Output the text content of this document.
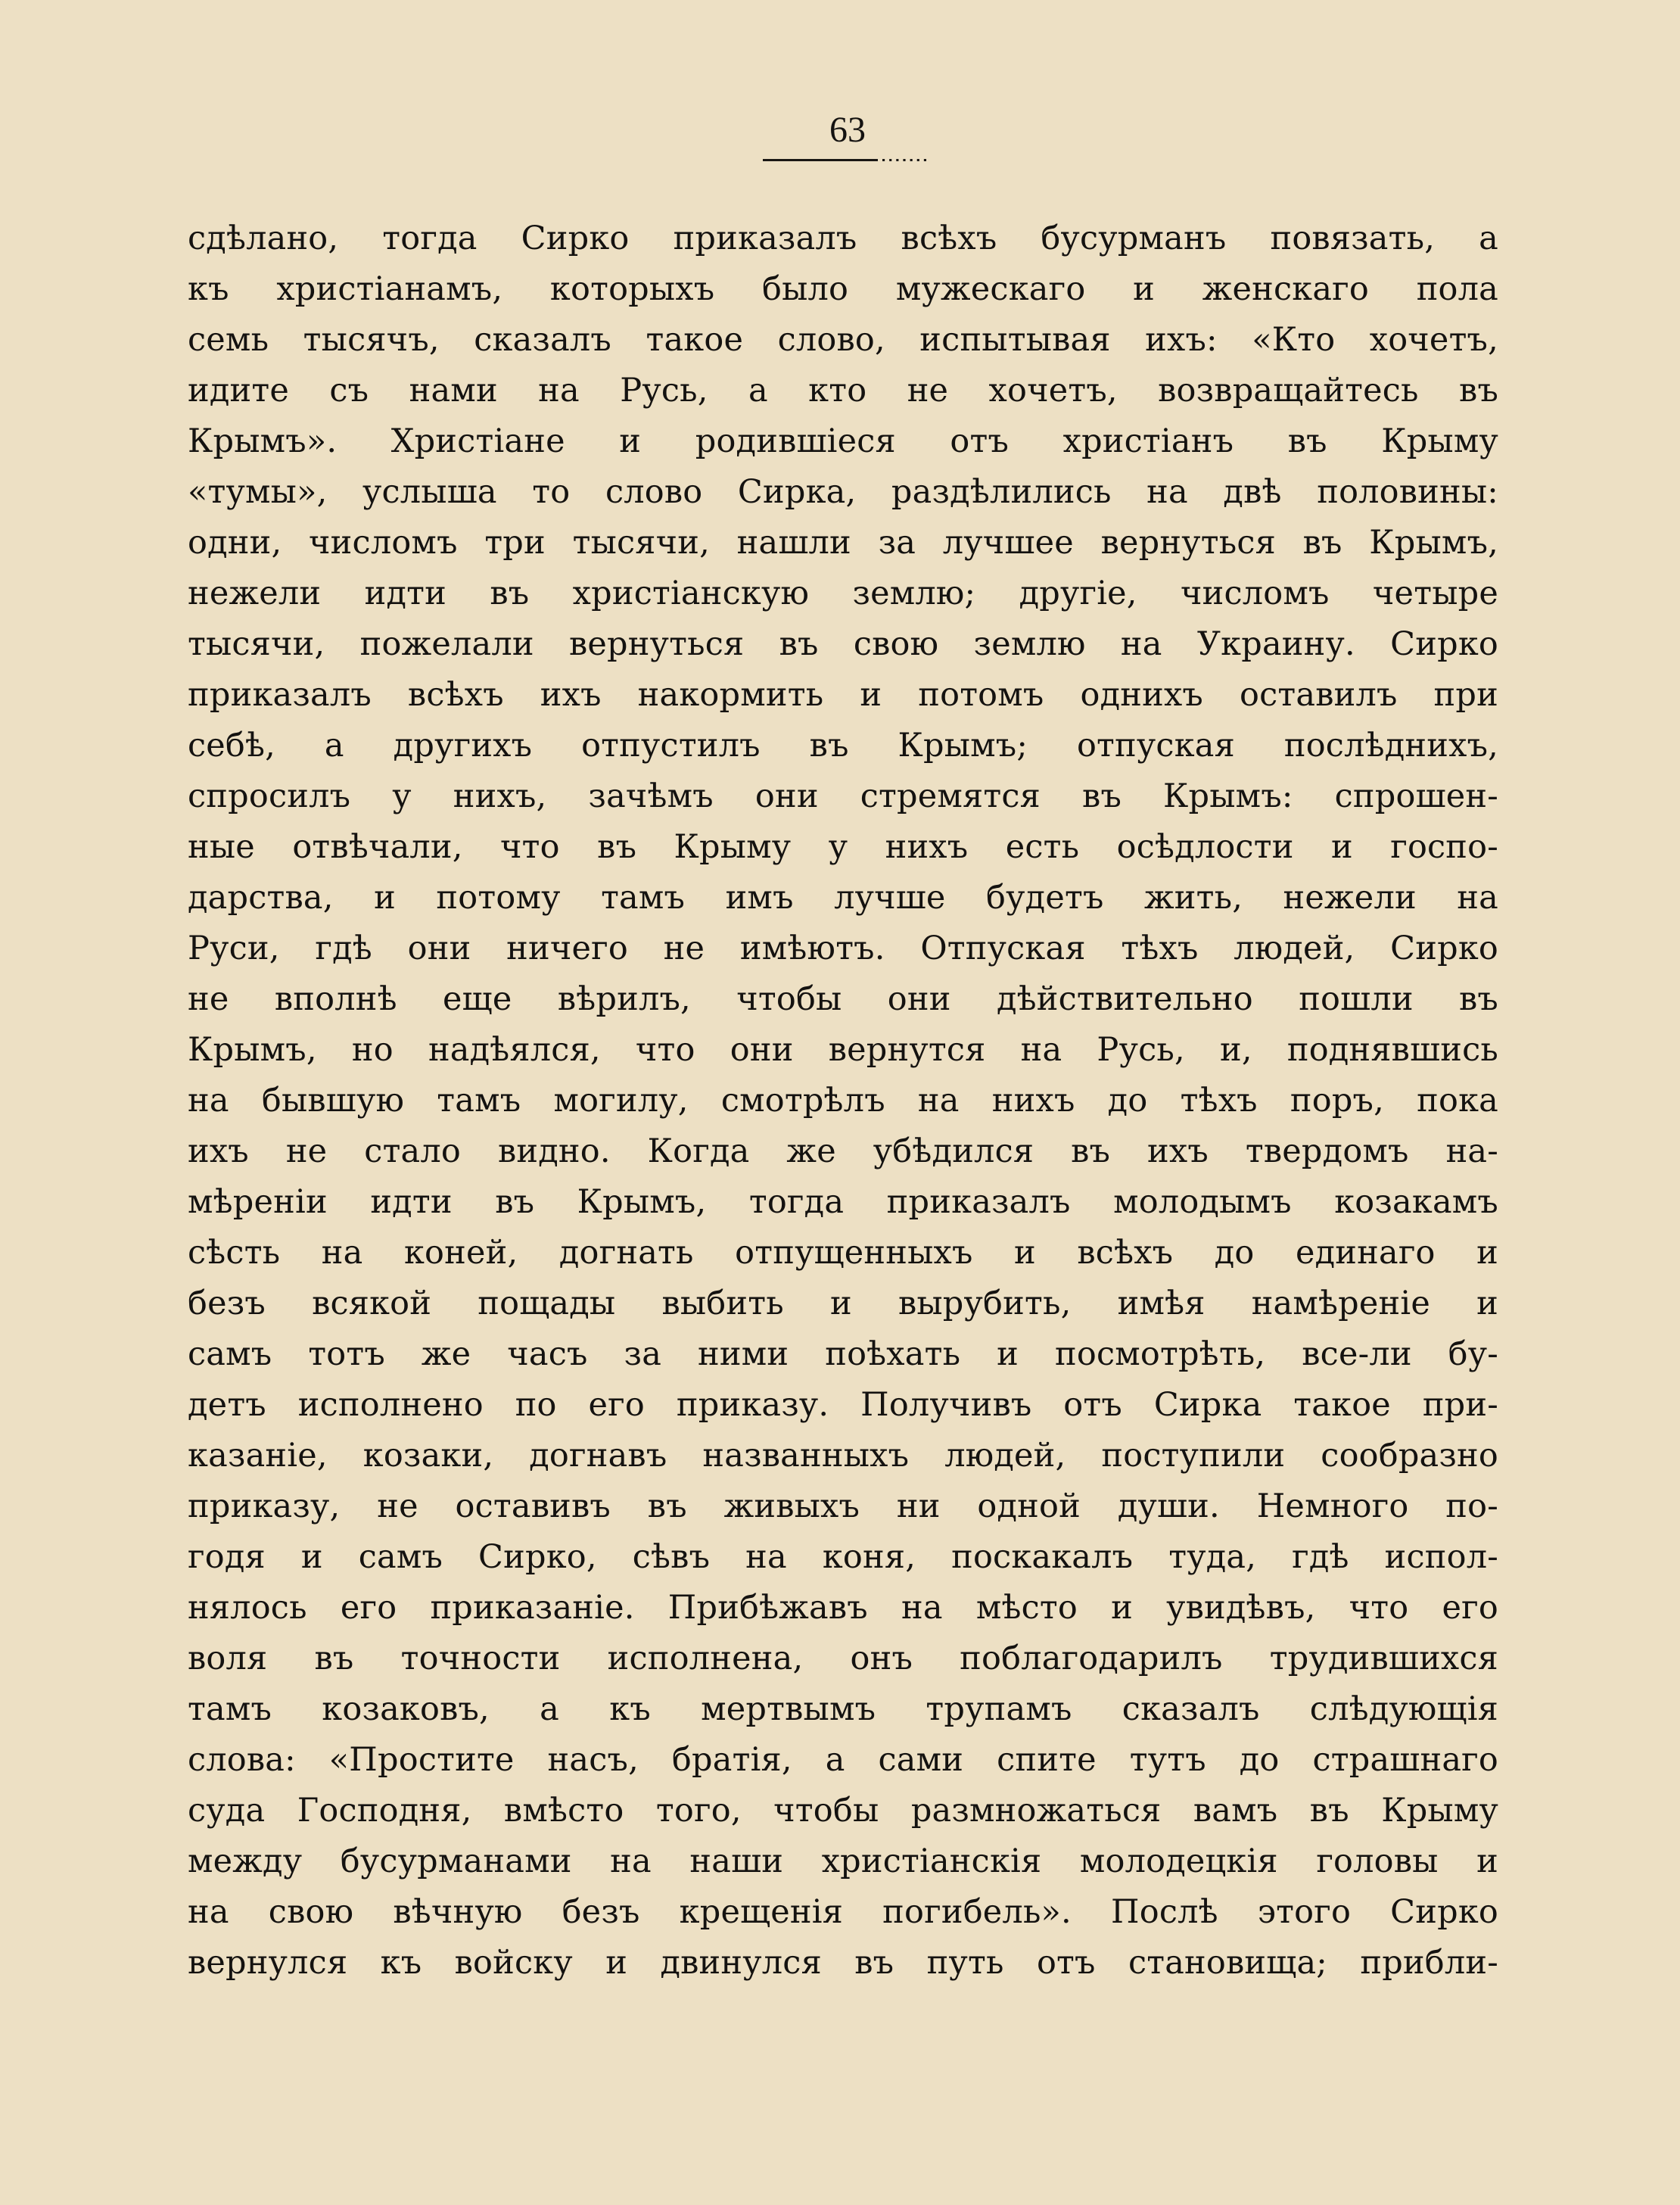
63
сдѣлано, тогда Сирко приказалъ всѣхъ бусурманъ повязать, а
къ христіанамъ, которыхъ было мужескаго и женскаго пола
семь тысячъ, сказалъ такое слово, испытывая ихъ: «Кто хочетъ,
идите съ нами на Русь, а кто не хочетъ, возвращайтесь въ
Крымъ». Христіане и родившіеся отъ христіанъ въ Крыму
«тумы», услыша то слово Сирка, раздѣлились на двѣ половины:
одни, числомъ три тысячи, нашли за лучшее вернуться въ Крымъ,
нежели идти въ христіанскую землю; другіе, числомъ четыре
тысячи, пожелали вернуться въ свою землю на Украину. Сирко
приказалъ всѣхъ ихъ накормить и потомъ однихъ оставилъ при
себѣ, а другихъ отпустилъ въ Крымъ; отпуская послѣднихъ,
спросилъ у нихъ, зачѣмъ они стремятся въ Крымъ: спрошен-
ные отвѣчали, что въ Крыму у нихъ есть осѣдлости и госпо-
дарства, и потому тамъ имъ лучше будетъ жить, нежели на
Руси, гдѣ они ничего не имѣютъ. Отпуская тѣхъ людей, Сирко
не вполнѣ еще вѣрилъ, чтобы они дѣйствительно пошли въ
Крымъ, но надѣялся, что они вернутся на Русь, и, поднявшись
на бывшую тамъ могилу, смотрѣлъ на нихъ до тѣхъ поръ, пока
ихъ не стало видно. Когда же убѣдился въ ихъ твердомъ на-
мѣреніи идти въ Крымъ, тогда приказалъ молодымъ козакамъ
сѣсть на коней, догнать отпущенныхъ и всѣхъ до единаго и
безъ всякой пощады выбить и вырубить, имѣя намѣреніе и
самъ тотъ же часъ за ними поѣхать и посмотрѣть, все-ли бу-
детъ исполнено по его приказу. Получивъ отъ Сирка такое при-
казаніе, козаки, догнавъ названныхъ людей, поступили сообразно
приказу, не оставивъ въ живыхъ ни одной души. Немного по-
годя и самъ Сирко, сѣвъ на коня, поскакалъ туда, гдѣ испол-
нялось его приказаніе. Прибѣжавъ на мѣсто и увидѣвъ, что его
воля въ точности исполнена, онъ поблагодарилъ трудившихся
тамъ козаковъ, а къ мертвымъ трупамъ сказалъ слѣдующія
слова: «Простите насъ, братія, а сами спите тутъ до страшнаго
суда Господня, вмѣсто того, чтобы размножаться вамъ въ Крыму
между бусурманами на наши христіанскія молодецкія головы и
на свою вѣчную безъ крещенія погибель». Послѣ этого Сирко
вернулся къ войску и двинулся въ путь отъ становища; прибли-
